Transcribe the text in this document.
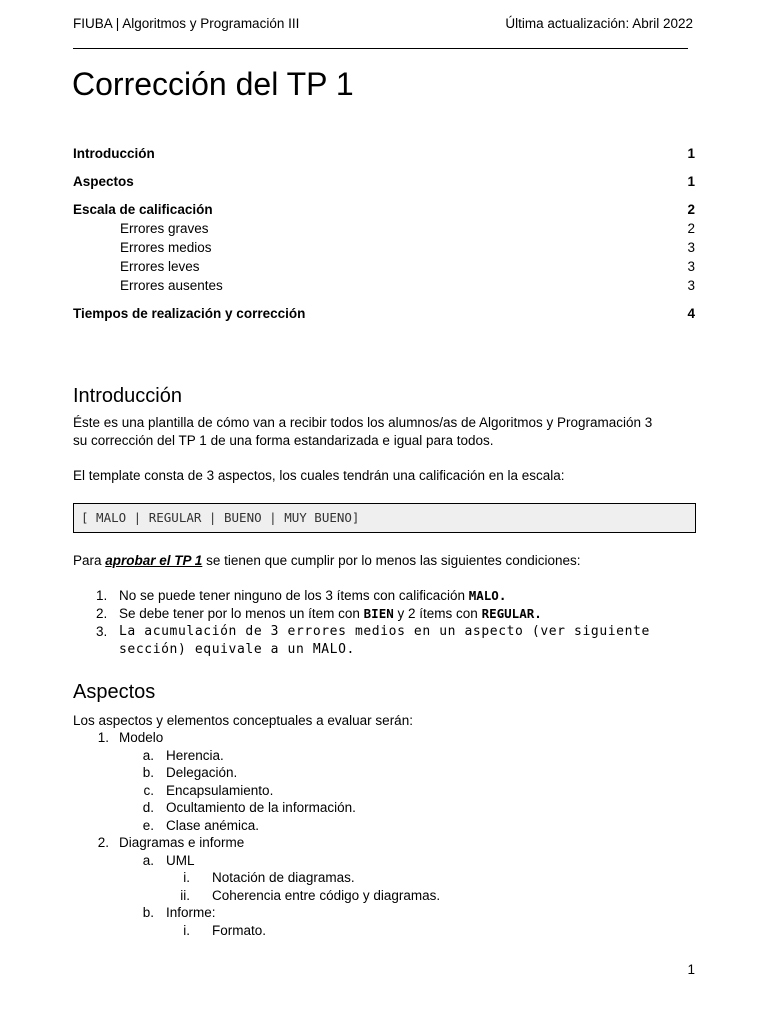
FIUBA | Algoritmos y Programación III	Última actualización: Abril 2022
Corrección del TP 1
Introducción	1
Aspectos	1
Escala de calificación	2
Errores graves	2
Errores medios	3
Errores leves	3
Errores ausentes	3
Tiempos de realización y corrección	4
Introducción

Éste es una plantilla de cómo van a recibir todos los alumnos/as de Algoritmos y Programación 3

su corrección del TP 1 de una forma estandarizada e igual para todos.

El template consta de 3 aspectos, los cuales tendrán una calificación en la escala:

[ MALO | REGULAR | BUENO | MUY BUENO]

Para aprobar el TP 1 se tienen que cumplir por lo menos las siguientes condiciones:

1. No se puede tener ninguno de los 3 ítems con calificación MALO.
2. Se debe tener por lo menos un ítem con BIEN y 2 ítems con REGULAR.
3. La acumulación de 3 errores medios en un aspecto (ver siguiente
sección) equivale a un MALO.
Aspectos

Los aspectos y elementos conceptuales a evaluar serán:

1. Modelo
a. Herencia.
b. Delegación.
c. Encapsulamiento.
d. Ocultamiento de la información.
e. Clase anémica.
2. Diagramas e informe
a. UML
i. Notación de diagramas.
ii. Coherencia entre código y diagramas.
b. Informe:
i. Formato.
1
